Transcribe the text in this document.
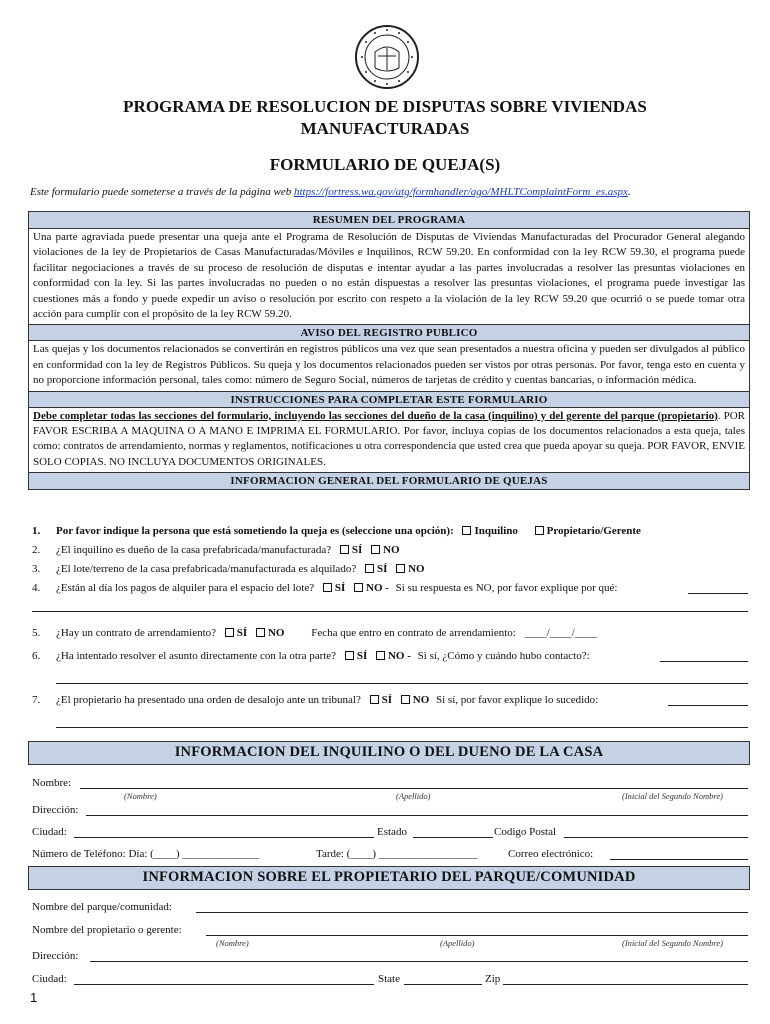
PROGRAMA DE RESOLUCION DE DISPUTAS SOBRE VIVIENDAS
MANUFACTURADAS
FORMULARIO DE QUEJA(S)
Este formulario puede someterse a través de la página web https://fortress.wa.gov/atg/formhandler/ago/MHLTComplaintForm_es.aspx.
RESUMEN DEL PROGRAMA
Una parte agraviada puede presentar una queja ante el Programa de Resolución de Disputas de Viviendas Manufacturadas del Procurador General alegando violaciones de la ley de Propietarios de Casas Manufacturadas/Móviles e Inquilinos, RCW 59.20. En conformidad con la ley RCW 59.30, el programa puede facilitar negociaciones a través de su proceso de resolución de disputas e intentar ayudar a las partes involucradas a resolver las presuntas violaciones en conformidad con la ley. Si las partes involucradas no pueden o no están dispuestas a resolver las presuntas violaciones, el programa puede investigar las cuestiones más a fondo y puede expedir un aviso o resolución por escrito con respeto a la violación de la ley RCW 59.20 que ocurrió o se puede tomar otra acción para cumplir con el propósito de la ley RCW 59.20.
AVISO DEL REGISTRO PUBLICO
Las quejas y los documentos relacionados se convertirán en registros públicos una vez que sean presentados a nuestra oficina y pueden ser divulgados al público en conformidad con la ley de Registros Públicos. Su queja y los documentos relacionados pueden ser vistos por otras personas. Por favor, tenga esto en cuenta y no proporcione información personal, tales como: número de Seguro Social, números de tarjetas de crédito y cuentas bancarias, o información médica.
INSTRUCCIONES PARA COMPLETAR ESTE FORMULARIO
Debe completar todas las secciones del formulario, incluyendo las secciones del dueño de la casa (inquilino) y del gerente del parque (propietario). POR FAVOR ESCRIBA A MAQUINA O A MANO E IMPRIMA EL FORMULARIO. Por favor, incluya copias de los documentos relacionados a esta queja, tales como: contratos de arrendamiento, normas y reglamentos, notificaciones u otra correspondencia que usted crea que pueda apoyar su queja. POR FAVOR, ENVIE SOLO COPIAS. NO INCLUYA DOCUMENTOS ORIGINALES.
INFORMACION GENERAL DEL FORMULARIO DE QUEJAS
1. Por favor indique la persona que está sometiendo la queja es (seleccione una opción): Inquilino	Propietario/Gerente
2. ¿El inquilino es dueño de la casa prefabricada/manufacturada? SÍ NO
3. ¿El lote/terreno de la casa prefabricada/manufacturada es alquilado? SÍ NO
4. ¿Están al día los pagos de alquiler para el espacio del lote? SÍ NO - Si su respuesta es NO, por favor explique por qué:
5. ¿Hay un contrato de arrendamiento? SÍ NO Fecha que entro en contrato de arrendamiento: ____/____/____
6. ¿Ha intentado resolver el asunto directamente con la otra parte? SÍ NO - Si sí, ¿Cómo y cuándo hubo contacto?:
7. ¿El propietario ha presentado una orden de desalojo ante un tribunal? SÍ NO Si sí, por favor explique lo sucedido:
INFORMACION DEL INQUILINO O DEL DUENO DE LA CASA
Nombre:
(Nombre)	(Apellido)	(Inicial del Segundo Nombre)
Dirección:
Ciudad:	Estado	Codigo Postal
Número de Teléfono: Día: (____) ______________	Tarde: (____) __________________	Correo electrónico:
INFORMACION SOBRE EL PROPIETARIO DEL PARQUE/COMUNIDAD
Nombre del parque/comunidad:
Nombre del propietario o gerente:
(Nombre)	(Apellido)	(Inicial del Segundo Nombre)
Dirección:
Ciudad:	State	Zip
1
